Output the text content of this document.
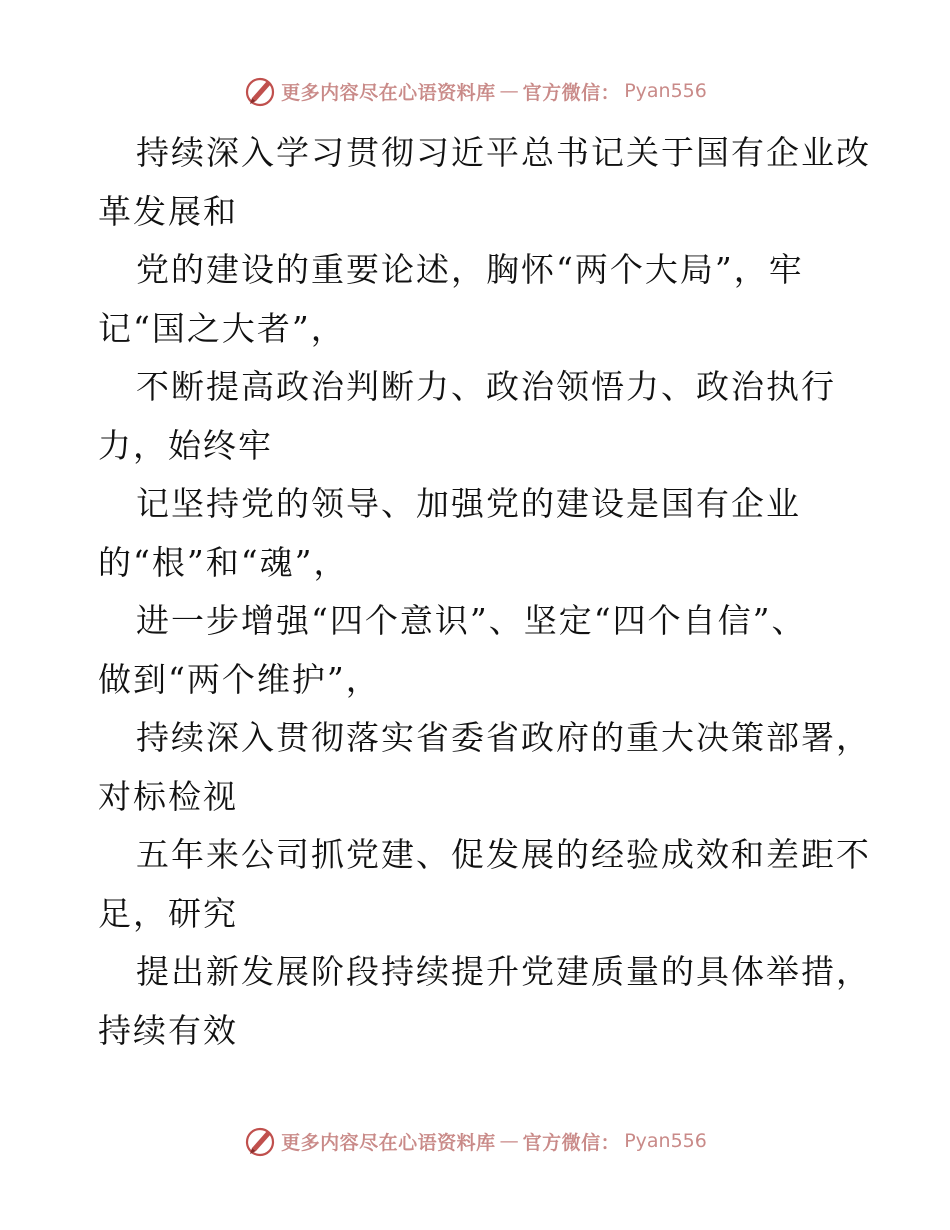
更多内容尽在心语资料库 — 官方微信： Pyan556
持续深入学习贯彻习近平总书记关于国有企业改
革发展和
党的建设的重要论述，胸怀“两个大局”，牢
记“国之大者”，
不断提高政治判断力、政治领悟力、政治执行
力，始终牢
记坚持党的领导、加强党的建设是国有企业
的“根”和“魂”，
进一步增强“四个意识”、坚定“四个自信”、
做到“两个维护”，
持续深入贯彻落实省委省政府的重大决策部署，
对标检视
五年来公司抓党建、促发展的经验成效和差距不
足，研究
提出新发展阶段持续提升党建质量的具体举措，
持续有效
更多内容尽在心语资料库 — 官方微信： Pyan556
